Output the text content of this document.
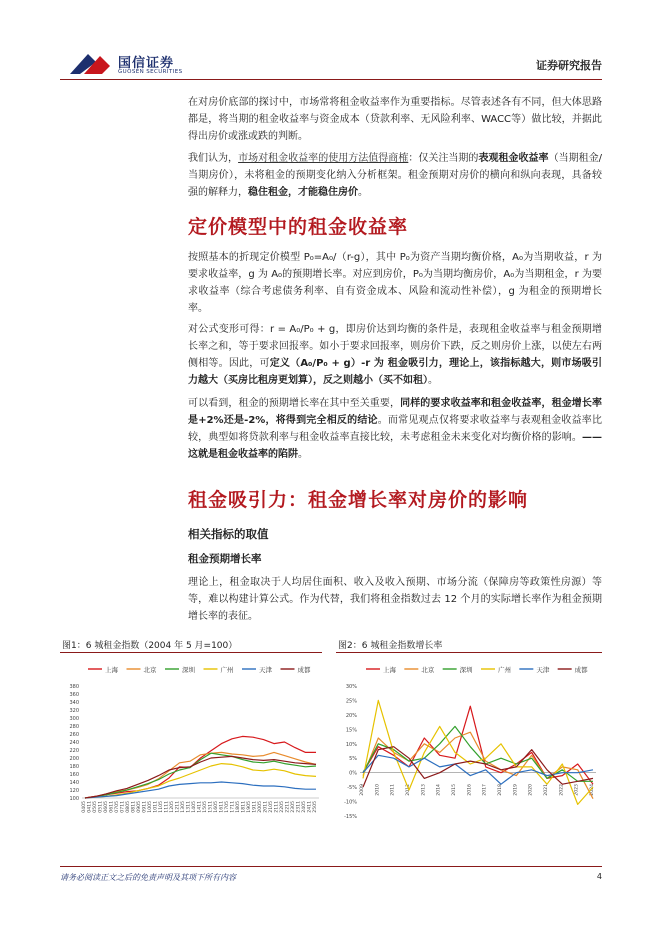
国信证券
GUOSEN SECURITIES	证券研究报告
在对房价底部的探讨中，市场常将租金收益率作为重要指标。尽管表述各有不同，但大体思路都是，将当期的租金收益率与资金成本（贷款利率、无风险利率、WACC等）做比较，并据此得出房价或涨或跌的判断。
我们认为，市场对租金收益率的使用方法值得商榷：仅关注当期的表观租金收益率（当期租金/当期房价），未将租金的预期变化纳入分析框架。租金预期对房价的横向和纵向表现，具备较强的解释力，稳住租金，才能稳住房价。
定价模型中的租金收益率
按照基本的折现定价模型 P₀=A₀/（r-g），其中 P₀为资产当期均衡价格，A₀为当期收益，r 为要求收益率，g 为 A₀的预期增长率。对应到房价，P₀为当期均衡房价，A₀为当期租金，r 为要求收益率（综合考虑债务利率、自有资金成本、风险和流动性补偿），g 为租金的预期增长率。
对公式变形可得：r = A₀/P₀ + g，即房价达到均衡的条件是，表现租金收益率与租金预期增长率之和，等于要求回报率。如小于要求回报率，则房价下跌，反之则房价上涨，以使左右两侧相等。因此，可定义（A₀/P₀ + g）-r 为 租金吸引力，理论上，该指标越大，则市场吸引力越大（买房比租房更划算），反之则越小（买不如租）。
可以看到，租金的预期增长率在其中至关重要，同样的要求收益率和租金收益率，租金增长率是+2%还是-2%，将得到完全相反的结论。而常见观点仅将要求收益率与表观租金收益率比较，典型如将贷款利率与租金收益率直接比较，未考虑租金未来变化对均衡价格的影响。——这就是租金收益率的陷阱。
租金吸引力：租金增长率对房价的影响
相关指标的取值
租金预期增长率
理论上，租金取决于人均居住面积、收入及收入预期、市场分流（保障房等政策性房源）等等，难以构建计算公式。作为代替，我们将租金指数过去 12 个月的实际增长率作为租金预期增长率的表征。
图1：6 城租金指数（2004 年 5 月=100）	图2：6 城租金指数增长率
上海	北京	深圳	广州	天津	成都
380
360
340
320
300
280
260
240
220
200
180
160
140
120
100
0405 0411 0505 0511 0605 0611 0705 0711 0805 0811 0905 0911 1005 1011 1105 1111 1205 1211 1305 1311 1405 1411 1505 1511 1605 1611 1705 1711 1805 1811 1905 1911 2005 2011 2105 2111 2205 2211 2305 2311 2405 2411 2505
上海	北京	深圳	广州	天津	成都
30%
25%
20%
15%
10%
5%
0%
-5%
-10%
-15%
2009 2010 2011 2012 2013 2014 2015 2016 2017 2018 2019 2020 2021 2022 2023 2024
请务必阅读正文之后的免责声明及其项下所有内容	4
